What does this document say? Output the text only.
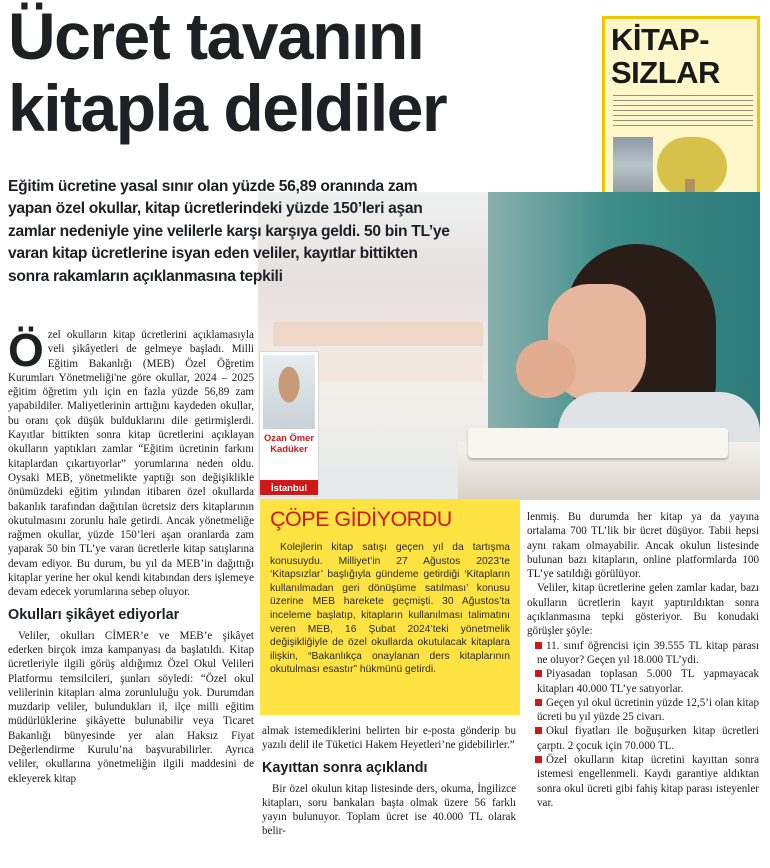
Ücret tavanını
kitapla deldiler
KİTAP-
SIZLAR
Eğitim ücretine yasal sınır olan yüzde 56,89 oranında zam yapan özel okullar, kitap ücretlerindeki yüzde 150’leri aşan zamlar nedeniyle yine velilerle karşı karşıya geldi. 50 bin TL’ye varan kitap ücretlerine isyan eden veliler, kayıtlar bittikten sonra rakamların açıklanmasına tepkili
Ozan Ömer Kadüker
İstanbul

Özel okulların kitap ücretlerini açıklamasıyla veli şikâyetleri de gelmeye başladı. Milli Eğitim Bakanlığı (MEB) Özel Öğretim Kurumları Yönetmeliği'ne göre okullar, 2024 – 2025 eğitim öğretim yılı için en fazla yüzde 56,89 zam yapabildiler. Maliyetlerinin arttığını kaydeden okullar, bu oranı çok düşük bulduklarını dile getirmişlerdi. Kayıtlar bittikten sonra kitap ücretlerini açıklayan okulların yaptıkları zamlar “Eğitim ücretinin farkını kitaplardan çıkartıyorlar” yorumlarına neden oldu. Oysaki MEB, yönetmelikte yaptığı son değişiklikle önümüzdeki eğitim yılından itibaren özel okullarda bakanlık tarafından dağıtılan ücretsiz ders kitaplarının okutulmasını zorunlu hale getirdi. Ancak yönetmeliğe rağmen okullar, yüzde 150’leri aşan oranlarda zam yaparak 50 bin TL’ye varan ücretlerle kitap satışlarına devam ediyor. Bu durum, bu yıl da MEB’in dağıttığı kitaplar yerine her okul kendi kitabından ders işlemeye devam edecek yorumlarına sebep oluyor.

Okulları şikâyet ediyorlar

Veliler, okulları CİMER’e ve MEB’e şikâyet ederken birçok imza kampanyası da başlatıldı. Kitap ücretleriyle ilgili görüş aldığımız Özel Okul Velileri Platformu temsilcileri, şunları söyledi: “Özel okul velilerinin kitapları alma zorunluluğu yok. Durumdan muzdarip veliler, bulundukları il, ilçe milli eğitim müdürlüklerine şikâyette bulunabilir veya Ticaret Bakanlığı bünyesinde yer alan Haksız Fiyat Değerlendirme Kurulu’na başvurabilirler. Ayrıca veliler, okullarına yönetmeliğin ilgili maddesini de ekleyerek kitap

ÇÖPE GİDİYORDU

Kolejlerin kitap satışı geçen yıl da tartışma konusuydu. Milliyet’in 27 Ağustos 2023’te ‘Kitapsızlar’ başlığıyla gündeme getirdiği ‘Kitapların kullanılmadan geri dönüşüme satılması’ konusu üzerine MEB harekete geçmişti. 30 Ağustos’ta inceleme başlatıp, kitapların kullanılması talimatını veren MEB, 16 Şubat 2024’teki yönetmelik değişikliğiyle de özel okullarda okutulacak kitaplara ilişkin, “Bakanlıkça onaylanan ders kitaplarının okutulması esastır” hükmünü getirdi.

almak istemediklerini belirten bir e-posta gönderip bu yazılı delil ile Tüketici Hakem Heyetleri’ne gidebilirler.”

Kayıttan sonra açıklandı

Bir özel okulun kitap listesinde ders, okuma, İngilizce kitapları, soru bankaları başta olmak üzere 56 farklı yayın bulunuyor. Toplam ücret ise 40.000 TL olarak belir-

lenmiş. Bu durumda her kitap ya da yayına ortalama 700 TL’lik bir ücret düşüyor. Tabii hepsi aynı rakam olmayabilir. Ancak okulun listesinde bulunan bazı kitapların, online platformlarda 100 TL’ye satıldığı görülüyor.

Veliler, kitap ücretlerine gelen zamlar kadar, bazı okulların ücretlerin kayıt yaptırıldıktan sonra açıklanmasına tepki gösteriyor. Bu konudaki görüşler şöyle:

11. sınıf öğrencisi için 39.555 TL kitap parası ne oluyor? Geçen yıl 18.000 TL’ydi.

Piyasadan toplasan 5.000 TL yapmayacak kitapları 40.000 TL’ye satıyorlar.

Geçen yıl okul ücretinin yüzde 12,5’i olan kitap ücreti bu yıl yüzde 25 civarı.

Okul fiyatları ile boğuşurken kitap ücretleri çarptı. 2 çocuk için 70.000 TL.

Özel okulların kitap ücretini kayıttan sonra istemesi engellenmeli. Kaydı garantiye aldıktan sonra okul ücreti gibi fahiş kitap parası isteyenler var.
